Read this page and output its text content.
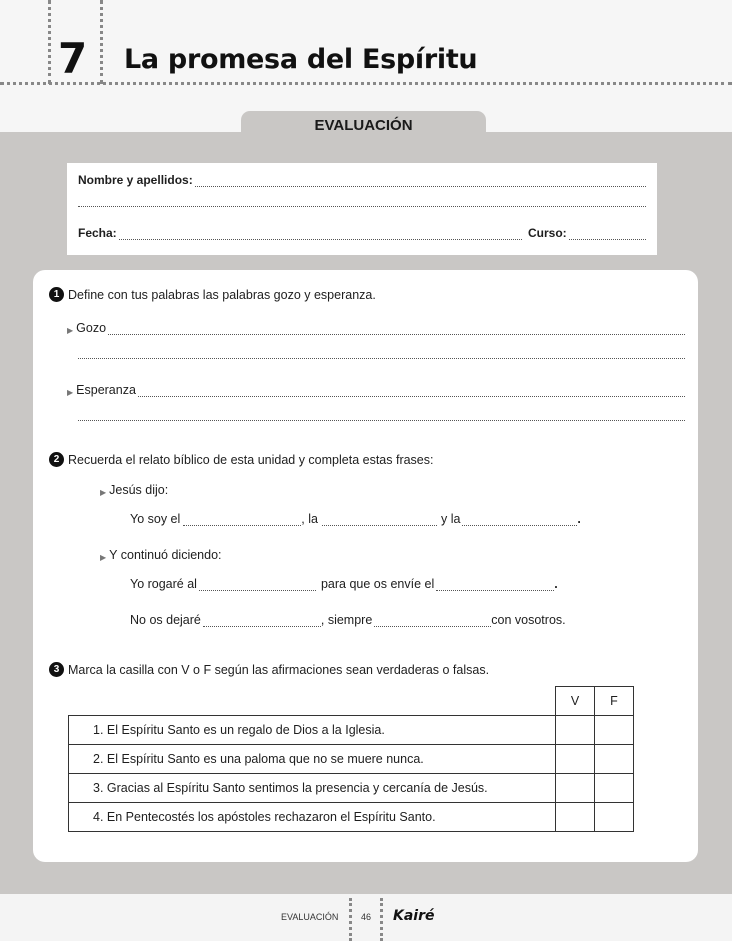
7 La promesa del Espíritu
EVALUACIÓN
Nombre y apellidos:
Fecha:	Curso:
1 Define con tus palabras las palabras gozo y esperanza.
▶ Gozo
▶ Esperanza
2 Recuerda el relato bíblico de esta unidad y completa estas frases:
▶ Jesús dijo:
Yo soy el	, la	y la	.
▶ Y continuó diciendo:
Yo rogaré al	para que os envíe el	.
No os dejaré	, siempre	con vosotros.
3 Marca la casilla con V o F según las afirmaciones sean verdaderas o falsas.
	V	F
1. El Espíritu Santo es un regalo de Dios a la Iglesia.		
2. El Espíritu Santo es una paloma que no se muere nunca.		
3. Gracias al Espíritu Santo sentimos la presencia y cercanía de Jesús.		
4. En Pentecostés los apóstoles rechazaron el Espíritu Santo.		
EVALUACIÓN	46 Kairé
